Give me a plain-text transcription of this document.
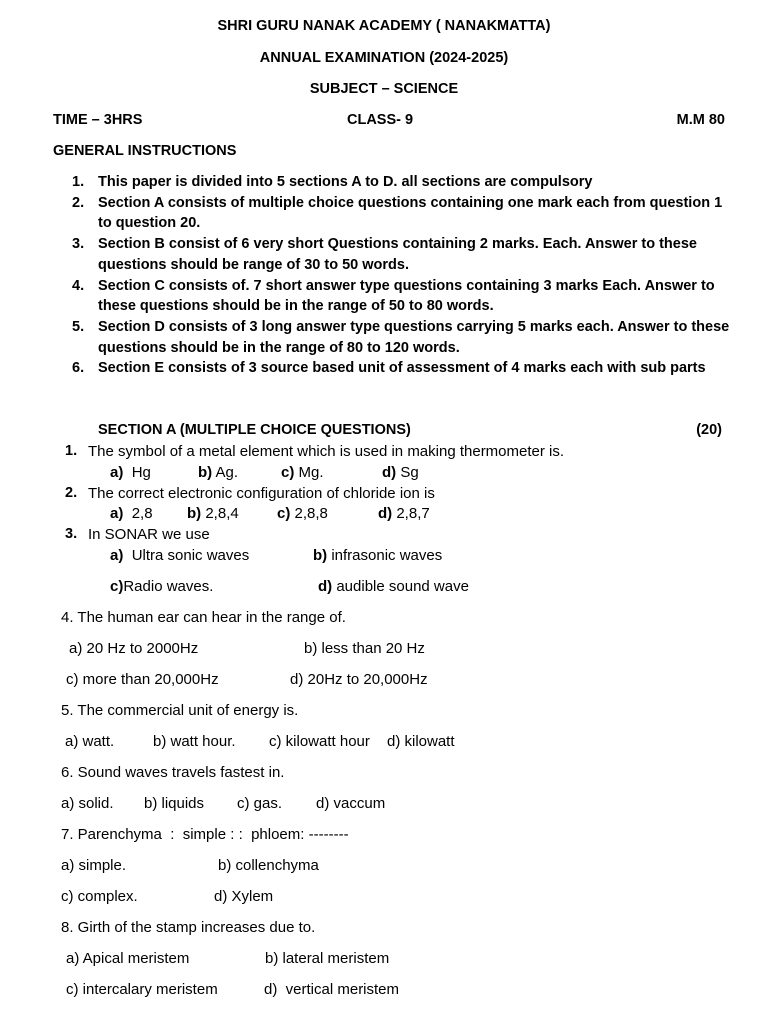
SHRI GURU NANAK ACADEMY ( NANAKMATTA)
ANNUAL EXAMINATION (2024-2025)
SUBJECT – SCIENCE
TIME – 3HRS	CLASS- 9	M.M 80
GENERAL INSTRUCTIONS
1. This paper is divided into 5 sections A to D. all sections are compulsory
2. Section A consists of multiple choice questions containing one mark each from question 1 to question 20.
3. Section B consist of 6 very short Questions containing 2 marks. Each. Answer to these questions should be range of 30 to 50 words.
4. Section C consists of. 7 short answer type questions containing 3 marks Each. Answer to these questions should be in the range of 50 to 80 words.
5. Section D consists of 3 long answer type questions carrying 5 marks each. Answer to these questions should be in the range of 80 to 120 words.
6. Section E consists of 3 source based unit of assessment of 4 marks each with sub parts
SECTION A (MULTIPLE CHOICE QUESTIONS)	(20)
1. The symbol of a metal element which is used in making thermometer is.
a) Hg	b) Ag.	c) Mg.	d) Sg
2. The correct electronic configuration of chloride ion is
a) 2,8 b) 2,8,4	c) 2,8,8	d) 2,8,7
3. In SONAR we use
a) Ultra sonic waves	b) infrasonic waves
c)Radio waves.	d) audible sound wave
4. The human ear can hear in the range of.
a) 20 Hz to 2000Hz	b) less than 20 Hz
c) more than 20,000Hz	d) 20Hz to 20,000Hz
5. The commercial unit of energy is.
a) watt.	b) watt hour. c) kilowatt hour d) kilowatt
6. Sound waves travels fastest in.
a) solid. b) liquids c) gas. d) vaccum
7. Parenchyma  :  simple : :  phloem: --------
a) simple.	b) collenchyma
c) complex.	d) Xylem
8. Girth of the stamp increases due to.
a) Apical meristem	b) lateral meristem
c) intercalary meristem	d)  vertical meristem
